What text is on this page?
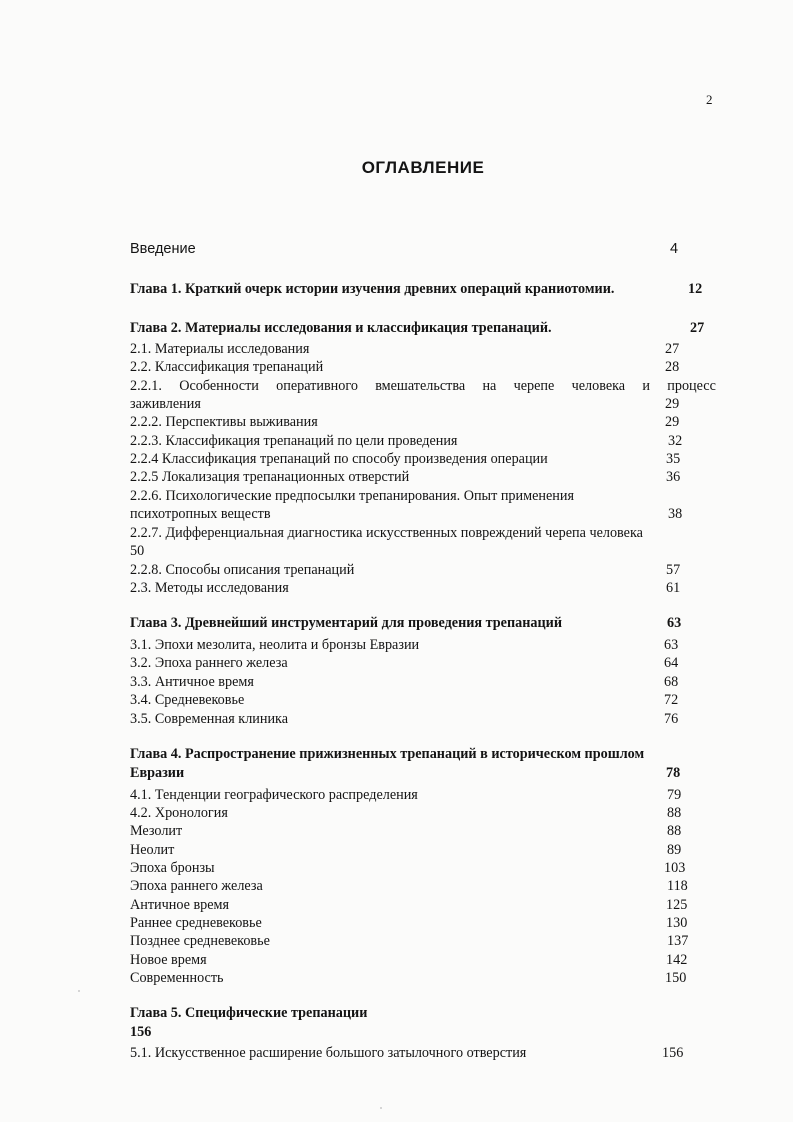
2
ОГЛАВЛЕНИЕ
Введение	4
Глава 1. Краткий очерк истории изучения древних операций краниотомии.	12
Глава 2. Материалы исследования и классификация трепанаций.	27
2.1. Материалы исследования	27
2.2. Классификация трепанаций	28
2.2.1. Особенности оперативного вмешательства на черепе человека и процесс
заживления	29
2.2.2. Перспективы выживания	29
2.2.3. Классификация трепанаций по цели проведения	32
2.2.4 Классификация трепанаций по способу произведения операции	35
2.2.5 Локализация трепанационных отверстий	36
2.2.6. Психологические предпосылки трепанирования. Опыт применения
психотропных веществ	38
2.2.7. Дифференциальная диагностика искусственных повреждений черепа человека
50
2.2.8. Способы описания трепанаций	57
2.3. Методы исследования	61
Глава 3. Древнейший инструментарий для проведения трепанаций	63
3.1. Эпохи мезолита, неолита и бронзы Евразии	63
3.2. Эпоха раннего железа	64
3.3. Античное время	68
3.4. Средневековье	72
3.5. Современная клиника	76
Глава 4. Распространение прижизненных трепанаций в историческом прошлом
Евразии	78
4.1. Тенденции географического распределения	79
4.2. Хронология	88
Мезолит	88
Неолит	89
Эпоха бронзы	103
Эпоха раннего железа	118
Античное время	125
Раннее средневековье	130
Позднее средневековье	137
Новое время	142
Современность	150
Глава 5. Специфические трепанации
156
5.1. Искусственное расширение большого затылочного отверстия	156
